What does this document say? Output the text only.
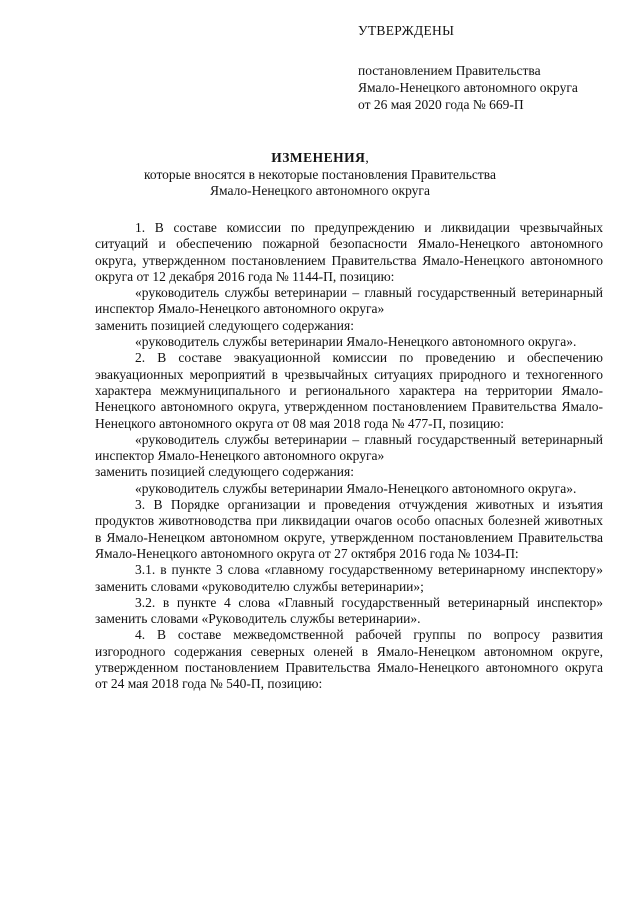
УТВЕРЖДЕНЫ
постановлением Правительства
Ямало-Ненецкого автономного округа
от 26 мая 2020 года № 669-П
ИЗМЕНЕНИЯ,
которые вносятся в некоторые постановления Правительства
Ямало-Ненецкого автономного округа

1. В составе комиссии по предупреждению и ликвидации чрезвычайных ситуаций и обеспечению пожарной безопасности Ямало-Ненецкого автономного округа, утвержденном постановлением Правительства Ямало-Ненецкого автономного округа от 12 декабря 2016 года № 1144-П, позицию:

«руководитель службы ветеринарии – главный государственный ветеринарный инспектор Ямало-Ненецкого автономного округа»

заменить позицией следующего содержания:

«руководитель службы ветеринарии Ямало-Ненецкого автономного округа».

2. В составе эвакуационной комиссии по проведению и обеспечению эвакуационных мероприятий в чрезвычайных ситуациях природного и техногенного характера межмуниципального и регионального характера на территории Ямало-Ненецкого автономного округа, утвержденном постановлением Правительства Ямало-Ненецкого автономного округа от 08 мая 2018 года № 477-П, позицию:

«руководитель службы ветеринарии – главный государственный ветеринарный инспектор Ямало-Ненецкого автономного округа»

заменить позицией следующего содержания:

«руководитель службы ветеринарии Ямало-Ненецкого автономного округа».

3. В Порядке организации и проведения отчуждения животных и изъятия продуктов животноводства при ликвидации очагов особо опасных болезней животных в Ямало-Ненецком автономном округе, утвержденном постановлением Правительства Ямало-Ненецкого автономного округа от 27 октября 2016 года № 1034-П:

3.1. в пункте 3 слова «главному государственному ветеринарному инспектору» заменить словами «руководителю службы ветеринарии»;

3.2. в пункте 4 слова «Главный государственный ветеринарный инспектор» заменить словами «Руководитель службы ветеринарии».

4. В составе межведомственной рабочей группы по вопросу развития изгородного содержания северных оленей в Ямало-Ненецком автономном округе, утвержденном постановлением Правительства Ямало-Ненецкого автономного округа от 24 мая 2018 года № 540-П, позицию:
